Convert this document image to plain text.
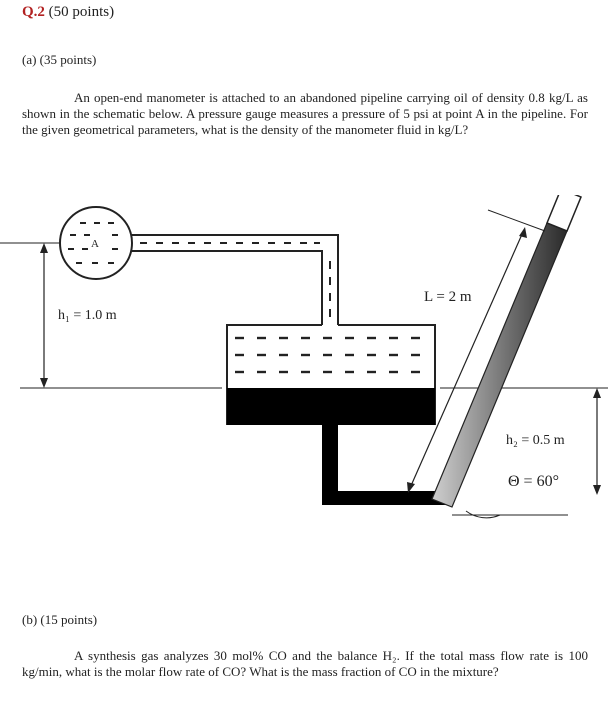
Q.2 (50 points)
(a) (35 points)

An open-end manometer is attached to an abandoned pipeline carrying oil of density 0.8 kg/L as shown in the schematic below. A pressure gauge measures a pressure of 5 psi at point A in the pipeline. For the given geometrical parameters, what is the density of the manometer fluid in kg/L?

h₁ = 1.0 m
A
L = 2 m
h₂ = 0.5 m
Θ = 60°
(b) (15 points)

A synthesis gas analyzes 30 mol% CO and the balance H₂. If the total mass flow rate is 100 kg/min, what is the molar flow rate of CO? What is the mass fraction of CO in the mixture?
